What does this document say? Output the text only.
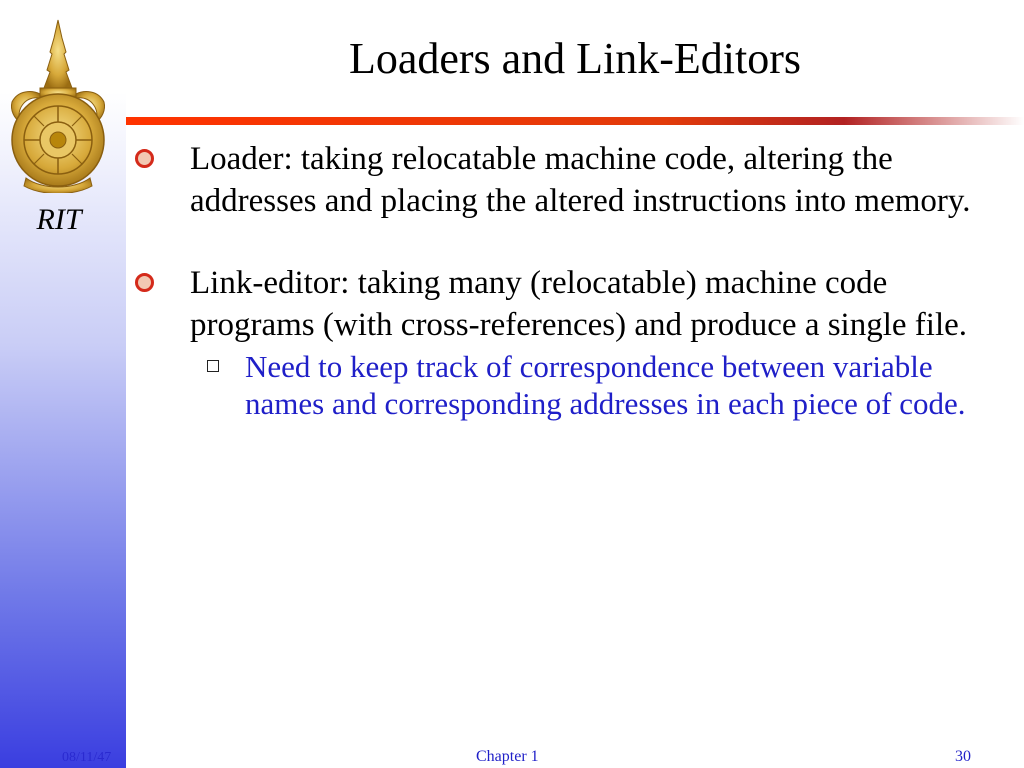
RIT
Loaders and Link-Editors
Loader: taking relocatable machine code, altering the addresses and placing the altered instructions into memory.
Link-editor: taking many (relocatable) machine code programs (with cross-references) and produce a single file.
Need to keep track of correspondence between variable names and corresponding addresses in each piece of code.
08/11/47	Chapter 1	30
